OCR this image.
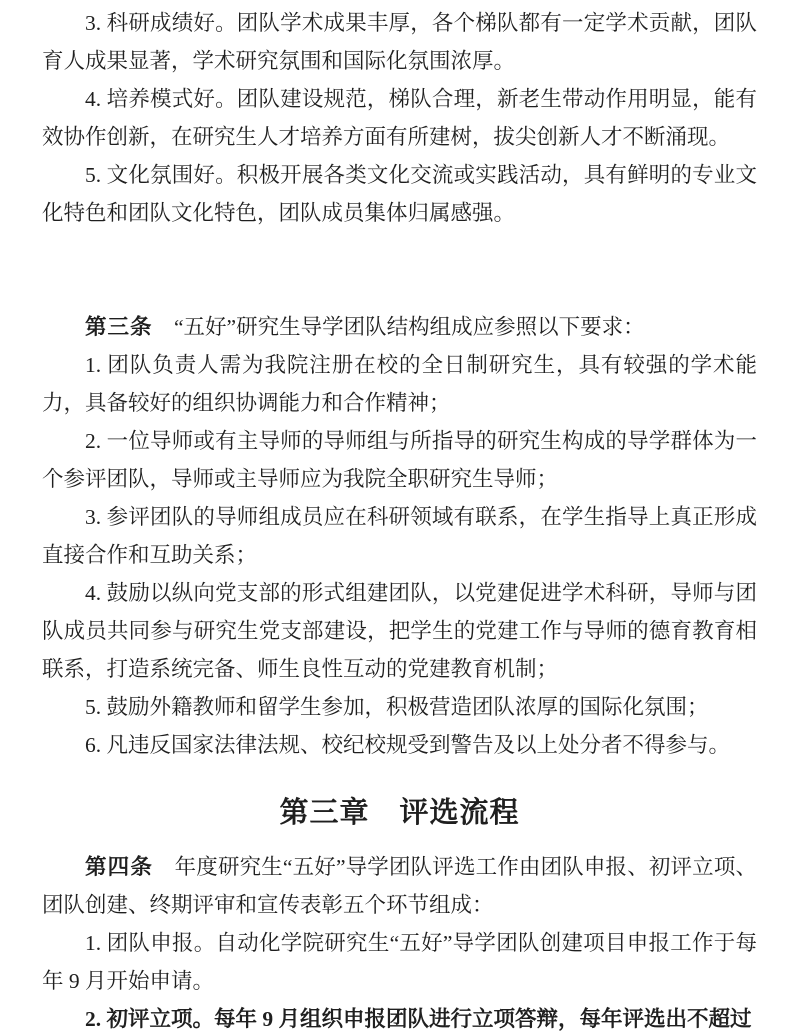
3. 科研成绩好。团队学术成果丰厚，各个梯队都有一定学术贡献，团队育人成果显著，学术研究氛围和国际化氛围浓厚。

4. 培养模式好。团队建设规范，梯队合理，新老生带动作用明显，能有效协作创新，在研究生人才培养方面有所建树，拔尖创新人才不断涌现。

5. 文化氛围好。积极开展各类文化交流或实践活动，具有鲜明的专业文化特色和团队文化特色，团队成员集体归属感强。

第三条　“五好”研究生导学团队结构组成应参照以下要求：

1. 团队负责人需为我院注册在校的全日制研究生，具有较强的学术能力，具备较好的组织协调能力和合作精神；

2. 一位导师或有主导师的导师组与所指导的研究生构成的导学群体为一个参评团队，导师或主导师应为我院全职研究生导师；

3. 参评团队的导师组成员应在科研领域有联系，在学生指导上真正形成直接合作和互助关系；

4. 鼓励以纵向党支部的形式组建团队，以党建促进学术科研，导师与团队成员共同参与研究生党支部建设，把学生的党建工作与导师的德育教育相联系，打造系统完备、师生良性互动的党建教育机制；

5. 鼓励外籍教师和留学生参加，积极营造团队浓厚的国际化氛围；

6. 凡违反国家法律法规、校纪校规受到警告及以上处分者不得参与。

第三章　评选流程

第四条　年度研究生“五好”导学团队评选工作由团队申报、初评立项、团队创建、终期评审和宣传表彰五个环节组成：

1. 团队申报。自动化学院研究生“五好”导学团队创建项目申报工作于每年 9 月开始申请。

2. 初评立项。每年 9 月组织申报团队进行立项答辩，每年评选出不超过
